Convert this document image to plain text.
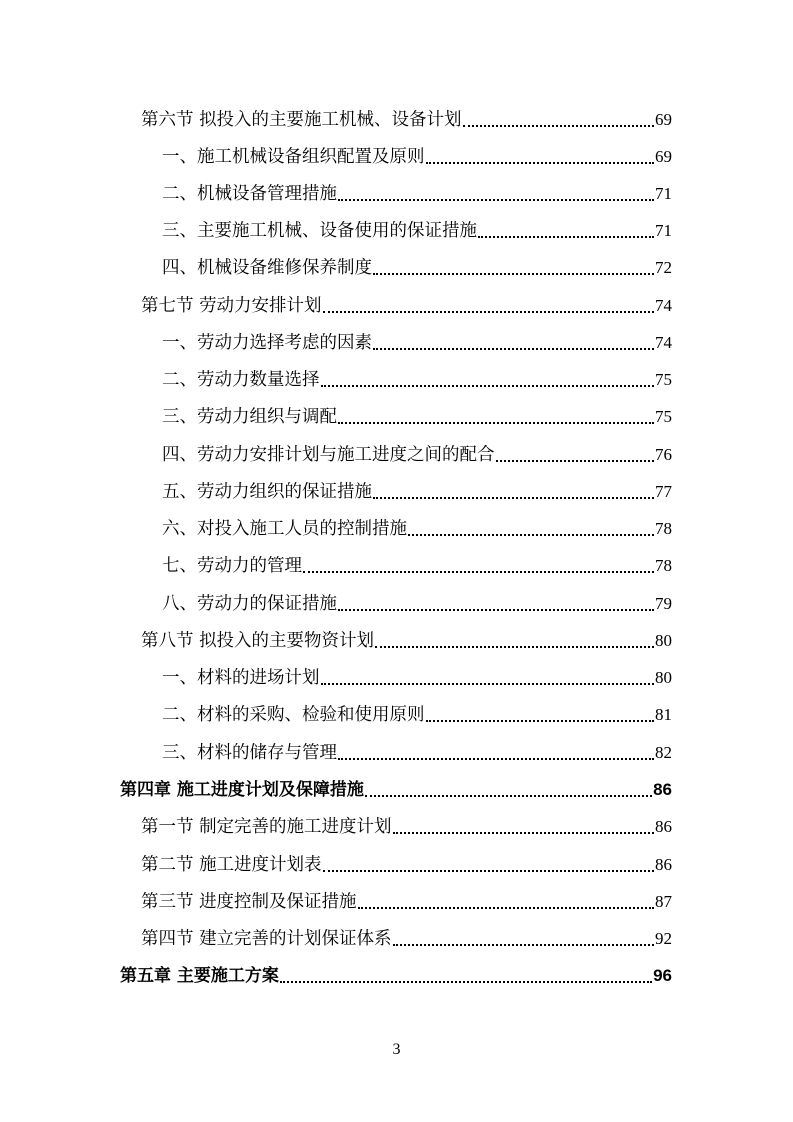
第六节 拟投入的主要施工机械、设备计划	69
一、施工机械设备组织配置及原则	69
二、机械设备管理措施	71
三、主要施工机械、设备使用的保证措施	71
四、机械设备维修保养制度	72
第七节 劳动力安排计划	74
一、劳动力选择考虑的因素	74
二、劳动力数量选择	75
三、劳动力组织与调配	75
四、劳动力安排计划与施工进度之间的配合	76
五、劳动力组织的保证措施	77
六、对投入施工人员的控制措施	78
七、劳动力的管理	78
八、劳动力的保证措施	79
第八节 拟投入的主要物资计划	80
一、材料的进场计划	80
二、材料的采购、检验和使用原则	81
三、材料的储存与管理	82
第四章 施工进度计划及保障措施	86
第一节 制定完善的施工进度计划	86
第二节 施工进度计划表	86
第三节 进度控制及保证措施	87
第四节 建立完善的计划保证体系	92
第五章 主要施工方案	96
3
